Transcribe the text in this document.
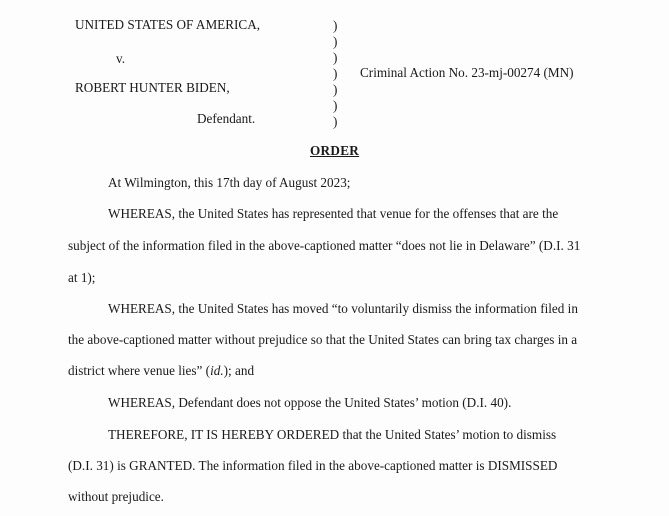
UNITED STATES OF AMERICA,
v.
ROBERT HUNTER BIDEN,
Defendant.
)
)
)
)
)
)
)
Criminal Action No. 23-mj-00274 (MN)
ORDER
At Wilmington, this 17th day of August 2023;
WHEREAS, the United States has represented that venue for the offenses that are the
subject of the information filed in the above-captioned matter “does not lie in Delaware” (D.I. 31
at 1);
WHEREAS, the United States has moved “to voluntarily dismiss the information filed in
the above-captioned matter without prejudice so that the United States can bring tax charges in a
district where venue lies” (id.); and
WHEREAS, Defendant does not oppose the United States’ motion (D.I. 40).
THEREFORE, IT IS HEREBY ORDERED that the United States’ motion to dismiss
(D.I. 31) is GRANTED. The information filed in the above-captioned matter is DISMISSED
without prejudice.
